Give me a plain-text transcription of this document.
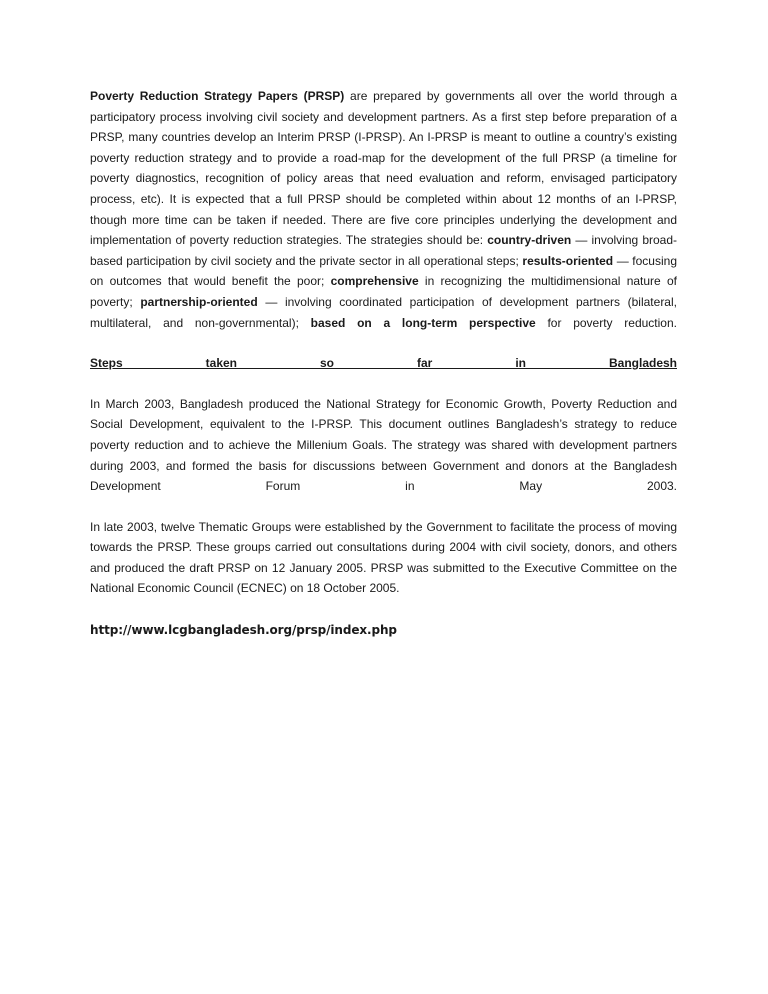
Poverty Reduction Strategy Papers (PRSP) are prepared by governments all over the world through a participatory process involving civil society and development partners. As a first step before preparation of a PRSP, many countries develop an Interim PRSP (I-PRSP). An I-PRSP is meant to outline a country’s existing poverty reduction strategy and to provide a road-map for the development of the full PRSP (a timeline for poverty diagnostics, recognition of policy areas that need evaluation and reform, envisaged participatory process, etc). It is expected that a full PRSP should be completed within about 12 months of an I-PRSP, though more time can be taken if needed. There are five core principles underlying the development and implementation of poverty reduction strategies. The strategies should be: country-driven — involving broad-based participation by civil society and the private sector in all operational steps; results-oriented — focusing on outcomes that would benefit the poor; comprehensive in recognizing the multidimensional nature of poverty; partnership-oriented — involving coordinated participation of development partners (bilateral, multilateral, and non-governmental); based on a long-term perspective for poverty reduction.

Steps taken so far in Bangladesh

In March 2003, Bangladesh produced the National Strategy for Economic Growth, Poverty Reduction and Social Development, equivalent to the I-PRSP. This document outlines Bangladesh’s strategy to reduce poverty reduction and to achieve the Millenium Goals. The strategy was shared with development partners during 2003, and formed the basis for discussions between Government and donors at the Bangladesh Development Forum in May 2003.

In late 2003, twelve Thematic Groups were established by the Government to facilitate the process of moving towards the PRSP. These groups carried out consultations during 2004 with civil society, donors, and others and produced the draft PRSP on 12 January 2005. PRSP was submitted to the Executive Committee on the National Economic Council (ECNEC) on 18 October 2005.

http://www.lcgbangladesh.org/prsp/index.php
